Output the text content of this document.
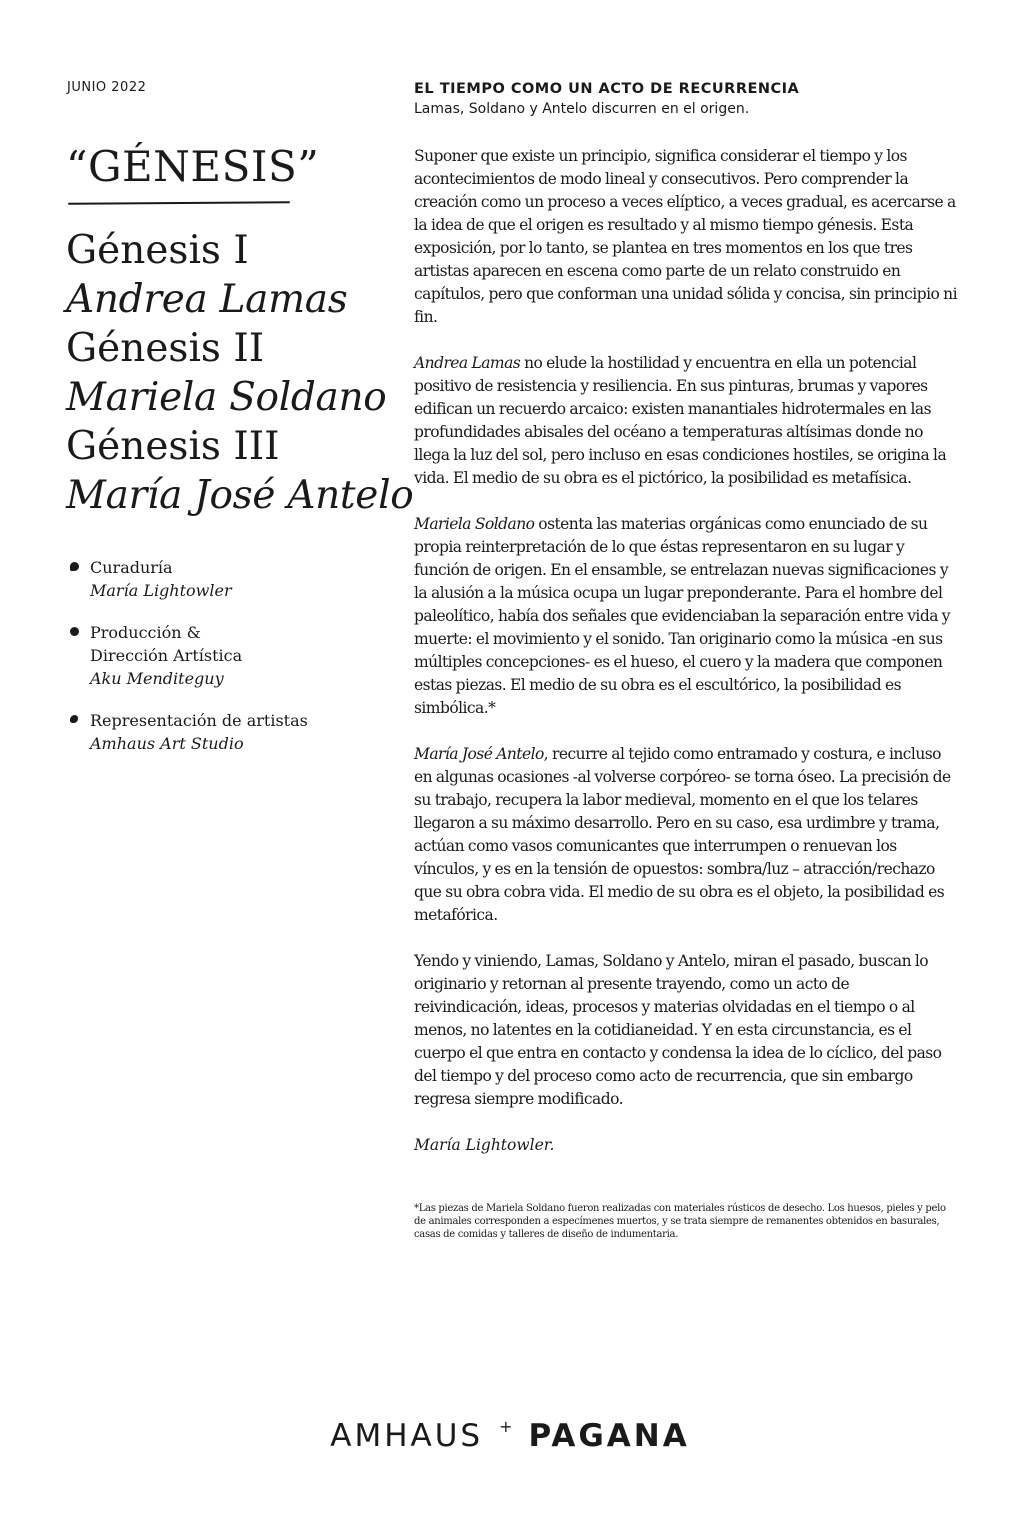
JUNIO 2022
“GÉNESIS”
Génesis I
Andrea Lamas
Génesis II
Mariela Soldano
Génesis III
María José Antelo
Curaduría
María Lightowler
Producción &
Dirección Artística
Aku Menditeguy
Representación de artistas
Amhaus Art Studio
EL TIEMPO COMO UN ACTO DE RECURRENCIA
Lamas, Soldano y Antelo discurren en el origen.

Suponer que existe un principio, significa considerar el tiempo y los acontecimientos de modo lineal y consecutivos. Pero comprender la creación como un proceso a veces elíptico, a veces gradual, es acercarse a la idea de que el origen es resultado y al mismo tiempo génesis. Esta exposición, por lo tanto, se plantea en tres momentos en los que tres artistas aparecen en escena como parte de un relato construido en capítulos, pero que conforman una unidad sólida y concisa, sin principio ni fin.

Andrea Lamas no elude la hostilidad y encuentra en ella un potencial positivo de resistencia y resiliencia. En sus pinturas, brumas y vapores edifican un recuerdo arcaico: existen manantiales hidrotermales en las profundidades abisales del océano a temperaturas altísimas donde no llega la luz del sol, pero incluso en esas condiciones hostiles, se origina la vida. El medio de su obra es el pictórico, la posibilidad es metafísica.

Mariela Soldano ostenta las materias orgánicas como enunciado de su propia reinterpretación de lo que éstas representaron en su lugar y función de origen. En el ensamble, se entrelazan nuevas significaciones y la alusión a la música ocupa un lugar preponderante. Para el hombre del paleolítico, había dos señales que evidenciaban la separación entre vida y muerte: el movimiento y el sonido. Tan originario como la música -en sus múltiples concepciones- es el hueso, el cuero y la madera que componen estas piezas. El medio de su obra es el escultórico, la posibilidad es simbólica.*

María José Antelo, recurre al tejido como entramado y costura, e incluso en algunas ocasiones -al volverse corpóreo- se torna óseo. La precisión de su trabajo, recupera la labor medieval, momento en el que los telares llegaron a su máximo desarrollo. Pero en su caso, esa urdimbre y trama, actúan como vasos comunicantes que interrumpen o renuevan los vínculos, y es en la tensión de opuestos: sombra/luz – atracción/rechazo que su obra cobra vida. El medio de su obra es el objeto, la posibilidad es metafórica.

Yendo y viniendo, Lamas, Soldano y Antelo, miran el pasado, buscan lo originario y retornan al presente trayendo, como un acto de reivindicación, ideas, procesos y materias olvidadas en el tiempo o al menos, no latentes en la cotidianeidad. Y en esta circunstancia, es el cuerpo el que entra en contacto y condensa la idea de lo cíclico, del paso del tiempo y del proceso como acto de recurrencia, que sin embargo regresa siempre modificado.

María Lightowler.
*Las piezas de Mariela Soldano fueron realizadas con materiales rústicos de desecho. Los huesos, pieles y pelo de animales corresponden a especímenes muertos, y se trata siempre de remanentes obtenidos en basurales, casas de comidas y talleres de diseño de indumentaria.
AMHAUS + PAGANA
